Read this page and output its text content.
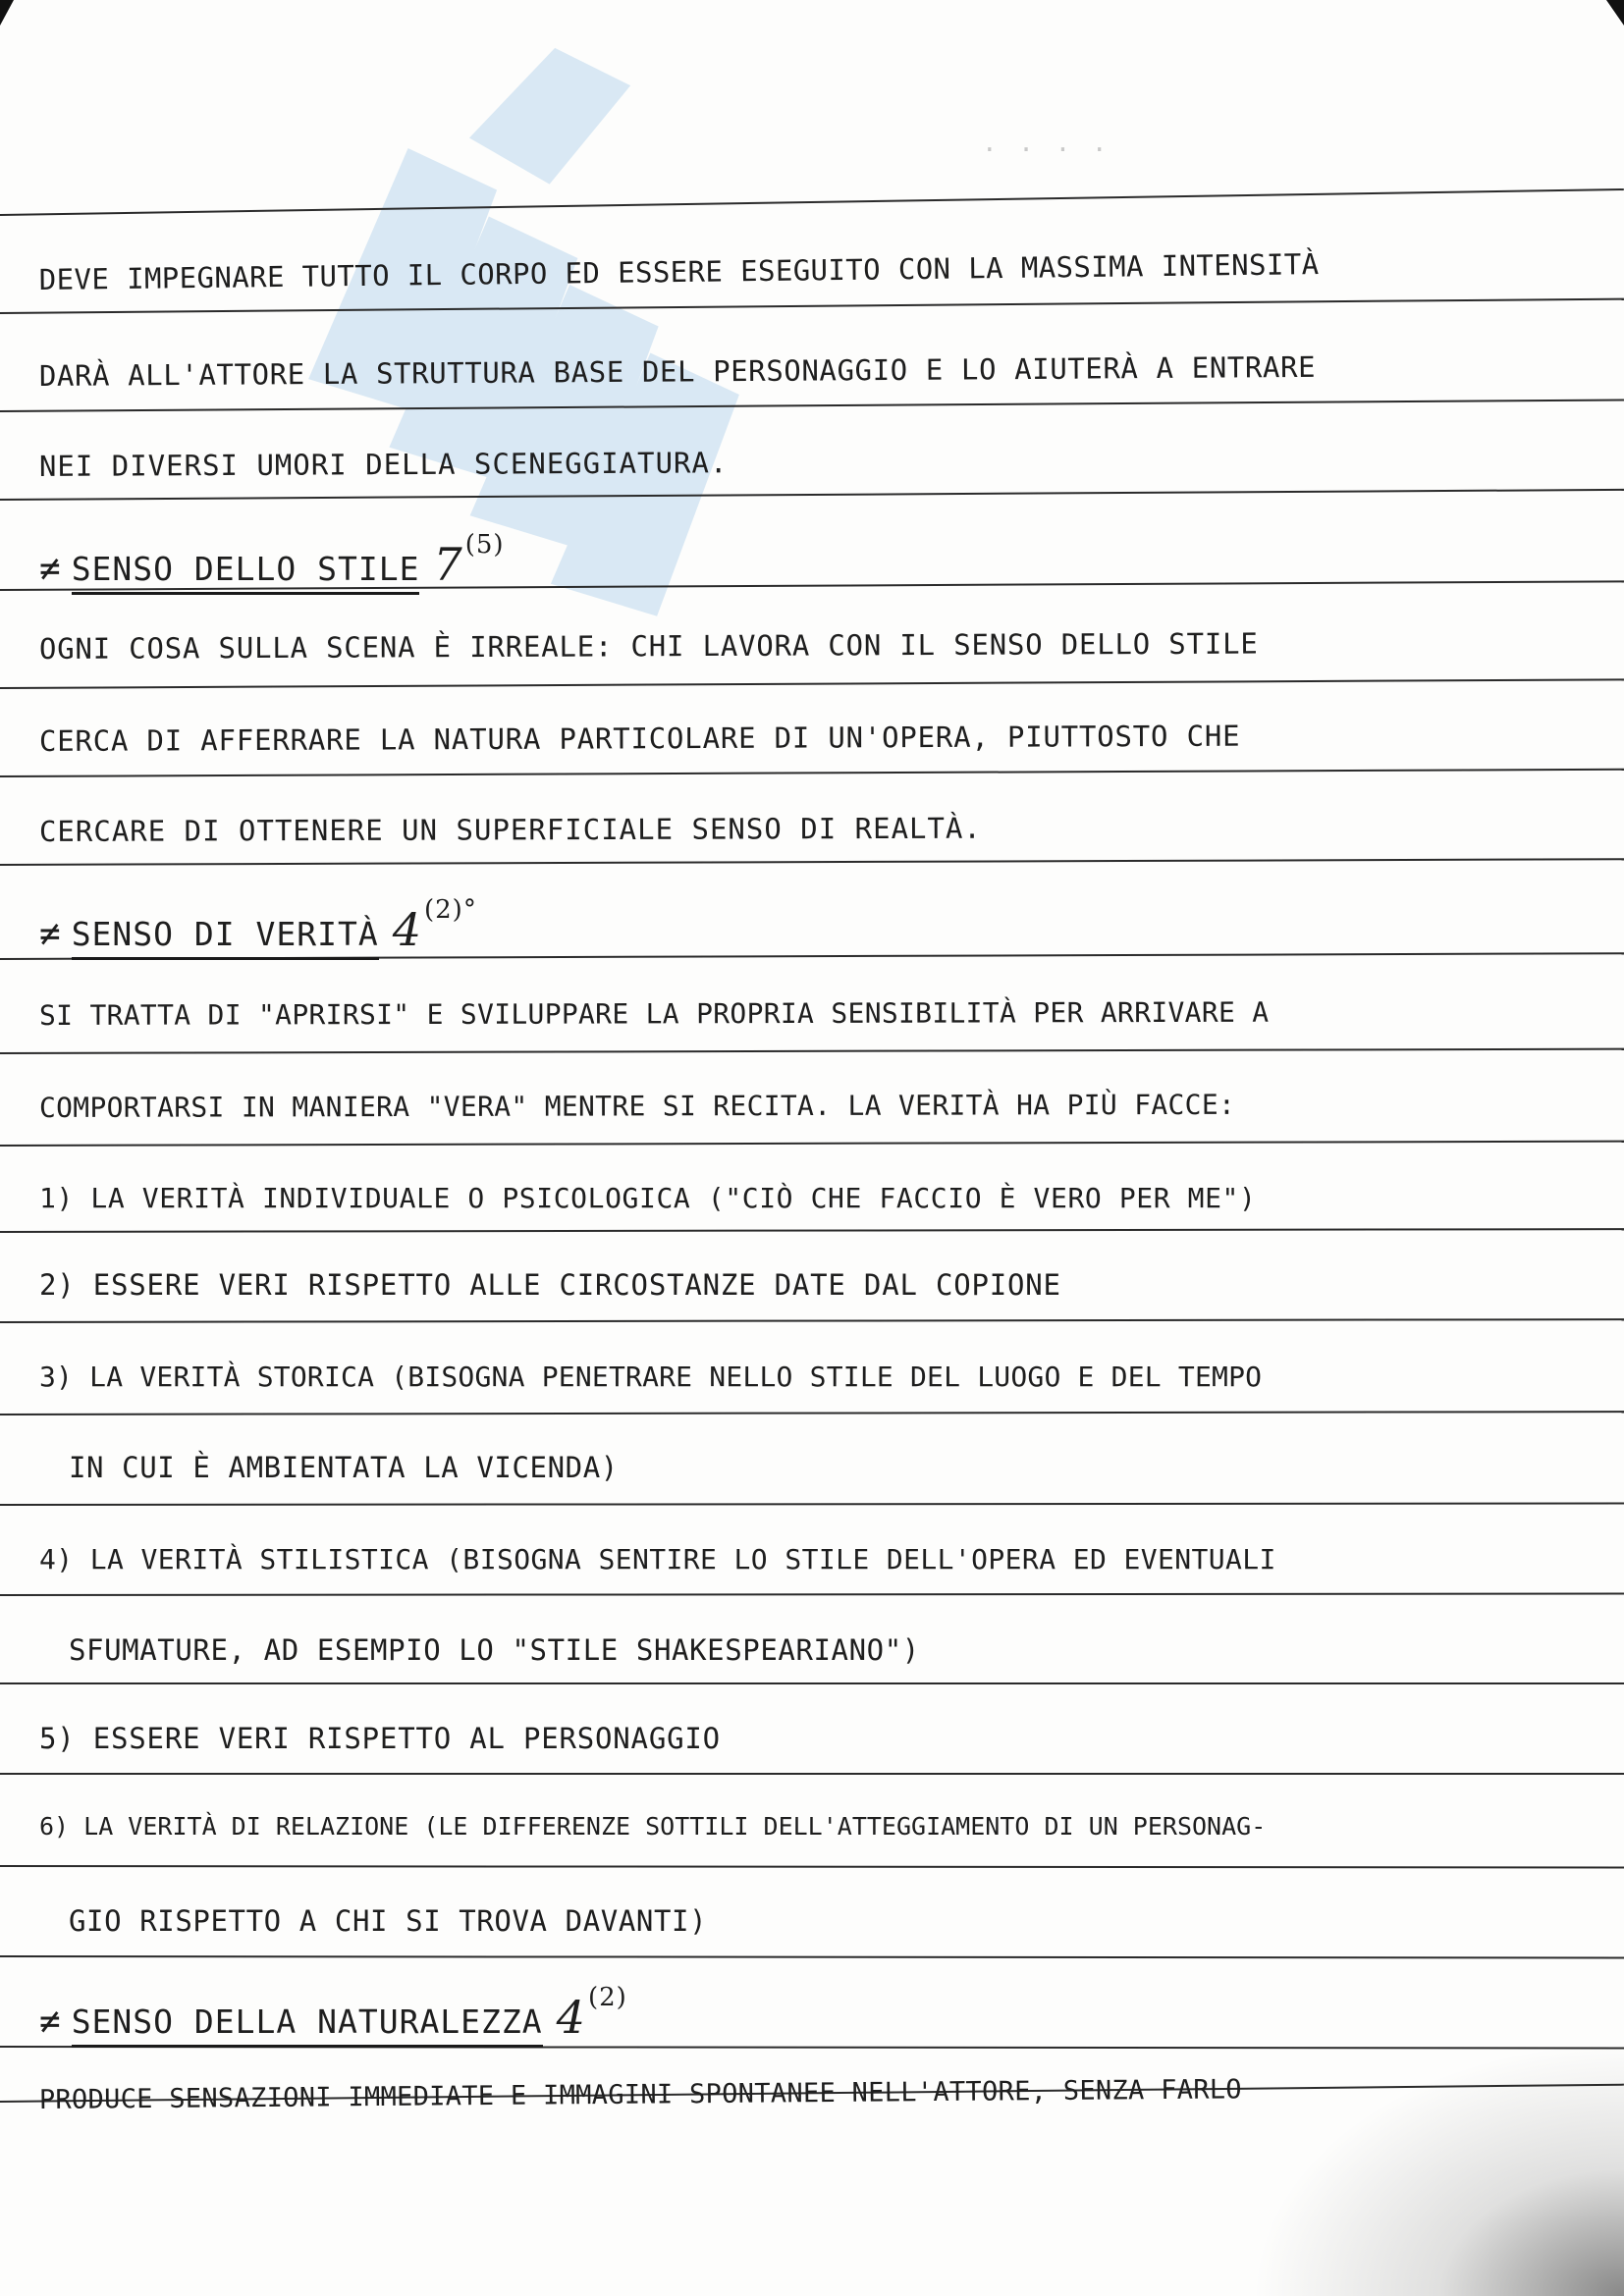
· · · ·
DEVE IMPEGNARE TUTTO IL CORPO ED ESSERE ESEGUITO CON LA MASSIMA INTENSITÀ
DARÀ ALL'ATTORE LA STRUTTURA BASE DEL PERSONAGGIO E LO AIUTERÀ A ENTRARE
NEI DIVERSI UMORI DELLA SCENEGGIATURA.
≠ SENSO DELLO STILE 7$^{(5)}$
OGNI COSA SULLA SCENA È IRREALE: CHI LAVORA CON IL SENSO DELLO STILE
CERCA DI AFFERRARE LA NATURA PARTICOLARE DI UN'OPERA, PIUTTOSTO CHE
CERCARE DI OTTENERE UN SUPERFICIALE SENSO DI REALTÀ.
≠ SENSO DI VERITÀ $4^{(2)^\circ}$
SI TRATTA DI "APRIRSI" E SVILUPPARE LA PROPRIA SENSIBILITÀ PER ARRIVARE A
COMPORTARSI IN MANIERA "VERA" MENTRE SI RECITA. LA VERITÀ HA PIÙ FACCE:
1) LA VERITÀ INDIVIDUALE O PSICOLOGICA ("CIÒ CHE FACCIO È VERO PER ME")
2) ESSERE VERI RISPETTO ALLE CIRCOSTANZE DATE DAL COPIONE
3) LA VERITÀ STORICA (BISOGNA PENETRARE NELLO STILE DEL LUOGO E DEL TEMPO
IN CUI È AMBIENTATA LA VICENDA)
4) LA VERITÀ STILISTICA (BISOGNA SENTIRE LO STILE DELL'OPERA ED EVENTUALI
SFUMATURE, AD ESEMPIO LO "STILE SHAKESPEARIANO")
5) ESSERE VERI RISPETTO AL PERSONAGGIO
6) LA VERITÀ DI RELAZIONE (LE DIFFERENZE SOTTILI DELL'ATTEGGIAMENTO DI UN PERSONAG-
GIO RISPETTO A CHI SI TROVA DAVANTI)
≠ SENSO DELLA NATURALEZZA 4$^{(2)}$
PRODUCE SENSAZIONI IMMEDIATE E IMMAGINI SPONTANEE NELL'ATTORE, SENZA FARLO
